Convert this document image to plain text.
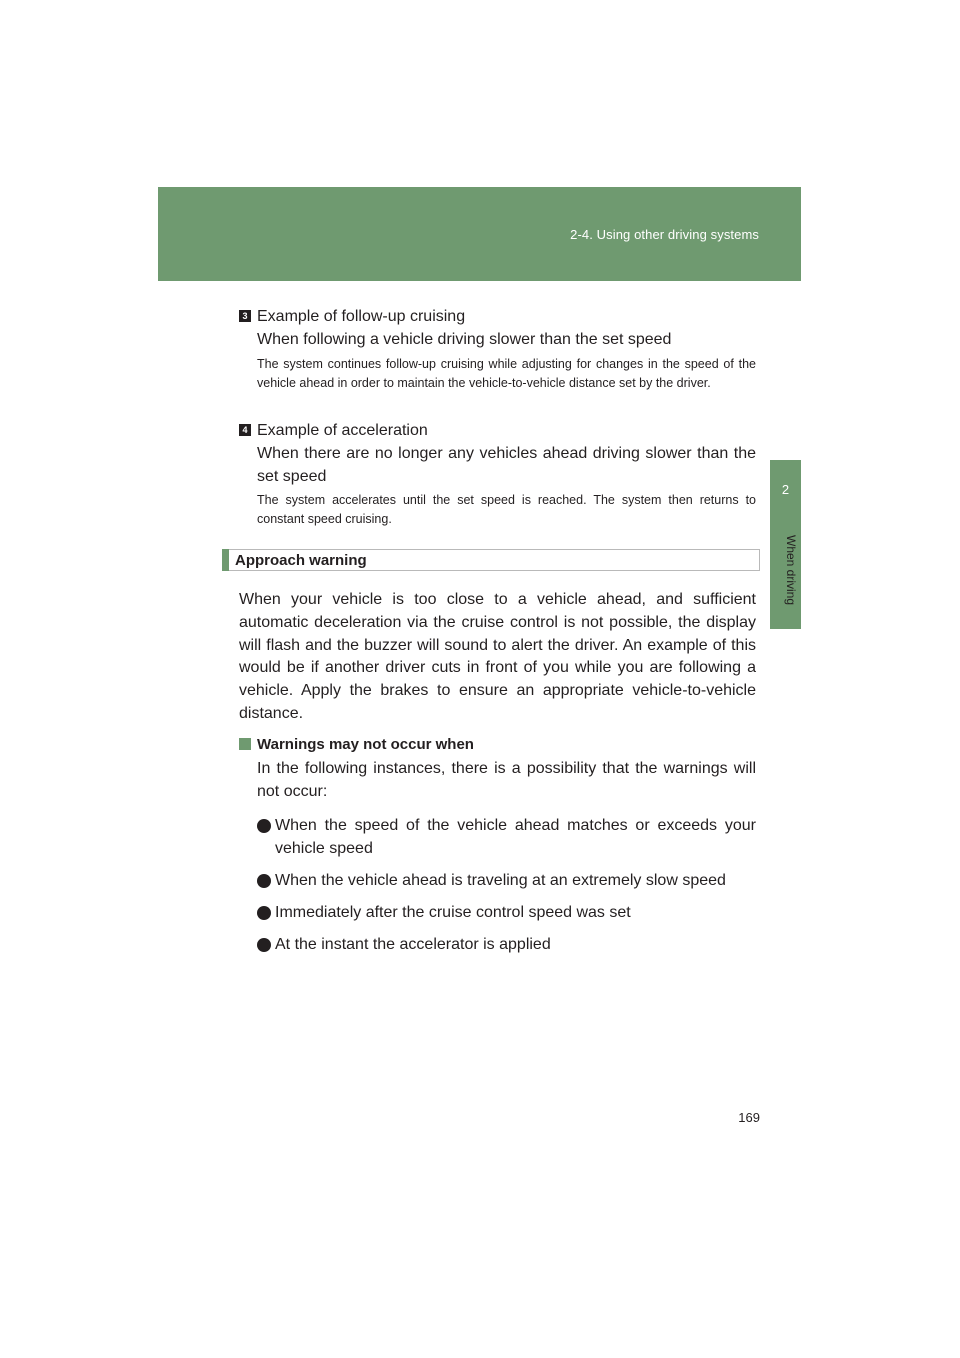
2-4. Using other driving systems
2
When driving
3 Example of follow-up cruising
When following a vehicle driving slower than the set speed
The system continues follow-up cruising while adjusting for changes in the speed of the vehicle ahead in order to maintain the vehicle-to-vehicle distance set by the driver.
4 Example of acceleration
When there are no longer any vehicles ahead driving slower than the set speed
The system accelerates until the set speed is reached. The system then returns to constant speed cruising.
Approach warning
When your vehicle is too close to a vehicle ahead, and sufficient automatic deceleration via the cruise control is not possible, the display will flash and the buzzer will sound to alert the driver. An example of this would be if another driver cuts in front of you while you are following a vehicle. Apply the brakes to ensure an appropriate vehicle-to-vehicle distance.
Warnings may not occur when
In the following instances, there is a possibility that the warnings will not occur:
When the speed of the vehicle ahead matches or exceeds your vehicle speed
When the vehicle ahead is traveling at an extremely slow speed
Immediately after the cruise control speed was set
At the instant the accelerator is applied
169
